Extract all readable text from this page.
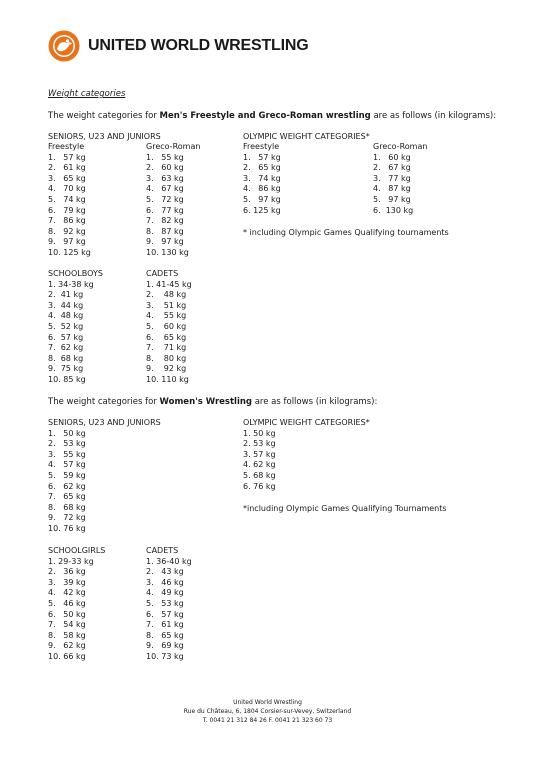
UNITED WORLD WRESTLING
Weight categories
The weight categories for Men's Freestyle and Greco-Roman wrestling are as follows (in kilograms):
SENIORS, U23 AND JUNIORS
Freestyle
1.   57 kg
2.   61 kg
3.   65 kg
4.   70 kg
5.   74 kg
6.   79 kg
7.   86 kg
8.   92 kg
9.   97 kg
10. 125 kg
Greco-Roman
1.   55 kg
2.   60 kg
3.   63 kg
4.   67 kg
5.   72 kg
6.   77 kg
7.   82 kg
8.   87 kg
9.   97 kg
10. 130 kg
OLYMPIC WEIGHT CATEGORIES*
Freestyle
1.   57 kg
2.   65 kg
3.   74 kg
4.   86 kg
5.   97 kg
6. 125 kg
Greco-Roman
1.   60 kg
2.   67 kg
3.   77 kg
4.   87 kg
5.   97 kg
6.  130 kg
* including Olympic Games Qualifying tournaments
SCHOOLBOYS
1. 34-38 kg
2.  41 kg
3.  44 kg
4.  48 kg
5.  52 kg
6.  57 kg
7.  62 kg
8.  68 kg
9.  75 kg
10. 85 kg
CADETS
1. 41-45 kg
2.    48 kg
3.    51 kg
4.    55 kg
5.    60 kg
6.    65 kg
7.    71 kg
8.    80 kg
9.    92 kg
10. 110 kg
The weight categories for Women's Wrestling are as follows (in kilograms):
SENIORS, U23 AND JUNIORS
1.   50 kg
2.   53 kg
3.   55 kg
4.   57 kg
5.   59 kg
6.   62 kg
7.   65 kg
8.   68 kg
9.   72 kg
10. 76 kg
OLYMPIC WEIGHT CATEGORIES*
1. 50 kg
2. 53 kg
3. 57 kg
4. 62 kg
5. 68 kg
6. 76 kg
*including Olympic Games Qualifying Tournaments
SCHOOLGIRLS
1. 29-33 kg
2.   36 kg
3.   39 kg
4.   42 kg
5.   46 kg
6.   50 kg
7.   54 kg
8.   58 kg
9.   62 kg
10. 66 kg
CADETS
1. 36-40 kg
2.   43 kg
3.   46 kg
4.   49 kg
5.   53 kg
6.   57 kg
7.   61 kg
8.   65 kg
9.   69 kg
10. 73 kg
United World Wrestling
Rue du Château, 6, 1804 Corsier-sur-Vevey, Switzerland
T. 0041 21 312 84 26 F. 0041 21 323 60 73
